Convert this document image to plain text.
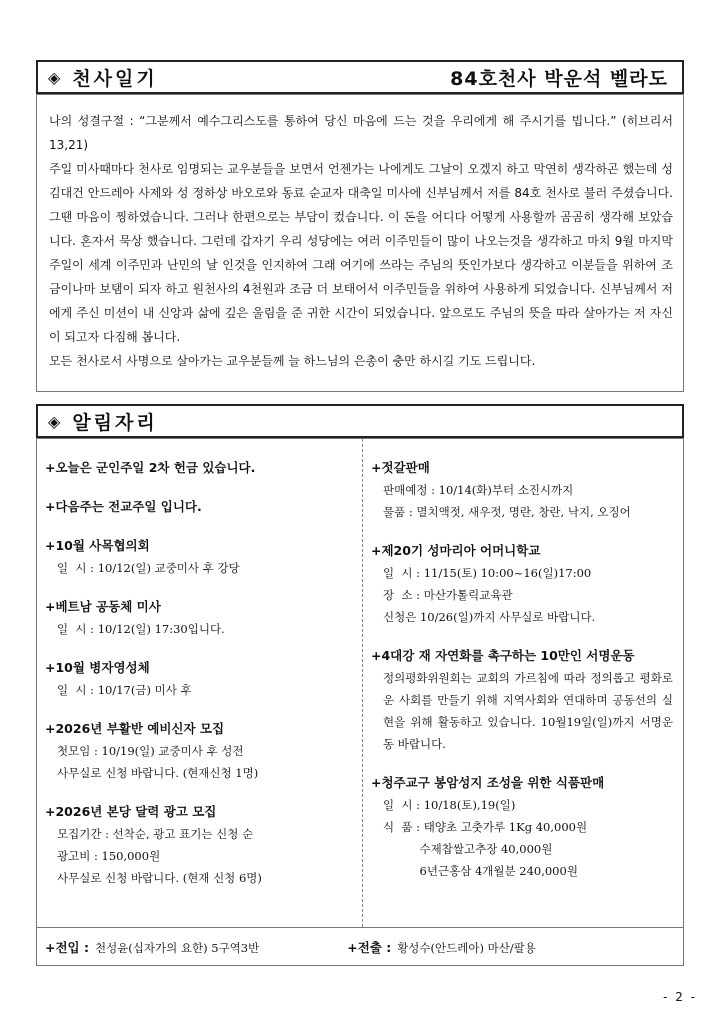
◈ 천사일기	84호천사 박운석 벨라도

나의 성결구절 : “그분께서 예수그리스도를 통하여 당신 마음에 드는 것을 우리에게 해 주시기를 빕니다.” (히브리서 13,21)

주일 미사때마다 천사로 임명되는 교우분들을 보면서 언젠가는 나에게도 그날이 오겠지 하고 막연히 생각하곤 했는데 성 김대건 안드레아 사제와 성 정하상 바오로와 동료 순교자 대축일 미사에 신부님께서 저를 84호 천사로 불러 주셨습니다. 그땐 마음이 찡하였습니다. 그러나 한편으로는 부담이 컸습니다. 이 돈을 어디다 어떻게 사용할까 곰곰히 생각해 보았습니다. 혼자서 묵상 했습니다. 그런데 갑자기 우리 성당에는 여러 이주민들이 많이 나오는것을 생각하고 마치 9월 마지막 주일이 세계 이주민과 난민의 날 인것을 인지하여 그래 여기에 쓰라는 주님의 뜻인가보다 생각하고 이분들을 위하여 조금이나마 보탬이 되자 하고 원천사의 4천원과 조금 더 보태어서 이주민들을 위하여 사용하게 되었습니다. 신부님께서 저에게 주신 미션이 내 신앙과 삶에 깊은 울림을 준 귀한 시간이 되었습니다. 앞으로도 주님의 뜻을 따라 살아가는 저 자신이 되고자 다짐해 봅니다.

모든 천사로서 사명으로 살아가는 교우분들께 늘 하느님의 은총이 충만 하시길 기도 드립니다.

◈ 알림자리
+오늘은 군인주일 2차 헌금 있습니다.
+다음주는 전교주일 입니다.
+10월 사목협의회
일  시 : 10/12(일) 교중미사 후 강당
+베트남 공동체 미사
일  시 : 10/12(일) 17:30입니다.
+10월 병자영성체
일  시 : 10/17(금) 미사 후
+2026년 부활반 예비신자 모집
첫모임 : 10/19(일) 교중미사 후 성전
사무실로 신청 바랍니다. (현재신청 1명)
+2026년 본당 달력 광고 모집
모집기간 : 선착순, 광고 표기는 신청 순
광고비 : 150,000원
사무실로 신청 바랍니다. (현재 신청 6명)
+젓갈판매
판매예정 : 10/14(화)부터 소진시까지
물품 : 멸치액젓, 새우젓, 명란, 창란, 낙지, 오징어
+제20기 성마리아 어머니학교
일  시 : 11/15(토) 10:00~16(일)17:00
장  소 : 마산가톨릭교육관
신청은 10/26(일)까지 사무실로 바랍니다.
+4대강 재 자연화를 촉구하는 10만인 서명운동
정의평화위원회는 교회의 가르침에 따라 정의롭고 평화로운 사회를 만들기 위해 지역사회와 연대하며 공동선의 실현을 위해 활동하고 있습니다. 10월19일(일)까지 서명운동 바랍니다.
+청주교구 봉암성지 조성을 위한 식품판매
일  시 : 10/18(토),19(일)
식  품 : 태양초 고춧가루 1Kg 40,000원
수제찹쌀고추장 40,000원
6년근홍삼 4개월분 240,000원
+전입 : 천성윤(십자가의 요한) 5구역3반	+전출 : 황성수(안드레아) 마산/팔용
- 2 -
